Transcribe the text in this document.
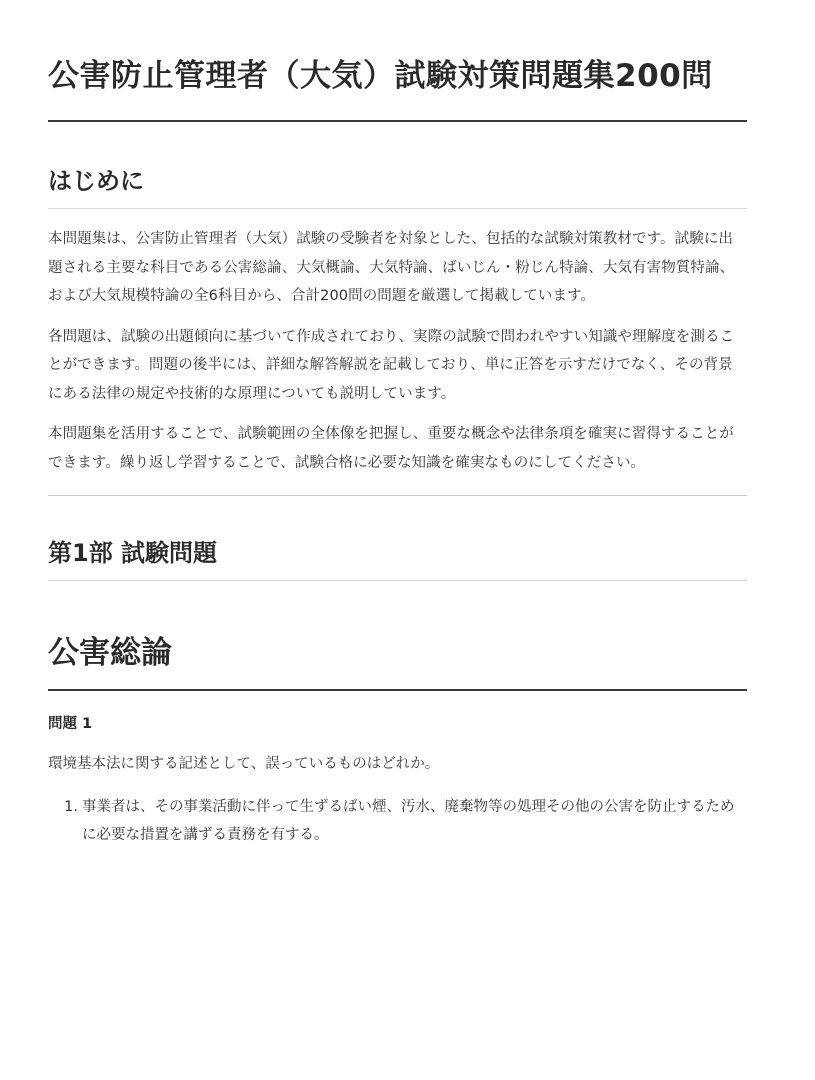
公害防止管理者（大気）試験対策問題集200問
はじめに

本問題集は、公害防止管理者（大気）試験の受験者を対象とした、包括的な試験対策教材です。試験に出題される主要な科目である公害総論、大気概論、大気特論、ばいじん・粉じん特論、大気有害物質特論、および大気規模特論の全6科目から、合計200問の問題を厳選して掲載しています。

各問題は、試験の出題傾向に基づいて作成されており、実際の試験で問われやすい知識や理解度を測ることができます。問題の後半には、詳細な解答解説を記載しており、単に正答を示すだけでなく、その背景にある法律の規定や技術的な原理についても説明しています。

本問題集を活用することで、試験範囲の全体像を把握し、重要な概念や法律条項を確実に習得することができます。繰り返し学習することで、試験合格に必要な知識を確実なものにしてください。

第1部 試験問題
公害総論
問題 1

環境基本法に関する記述として、誤っているものはどれか。

1. 事業者は、その事業活動に伴って生ずるばい煙、汚水、廃棄物等の処理その他の公害を防止するために必要な措置を講ずる責務を有する。
